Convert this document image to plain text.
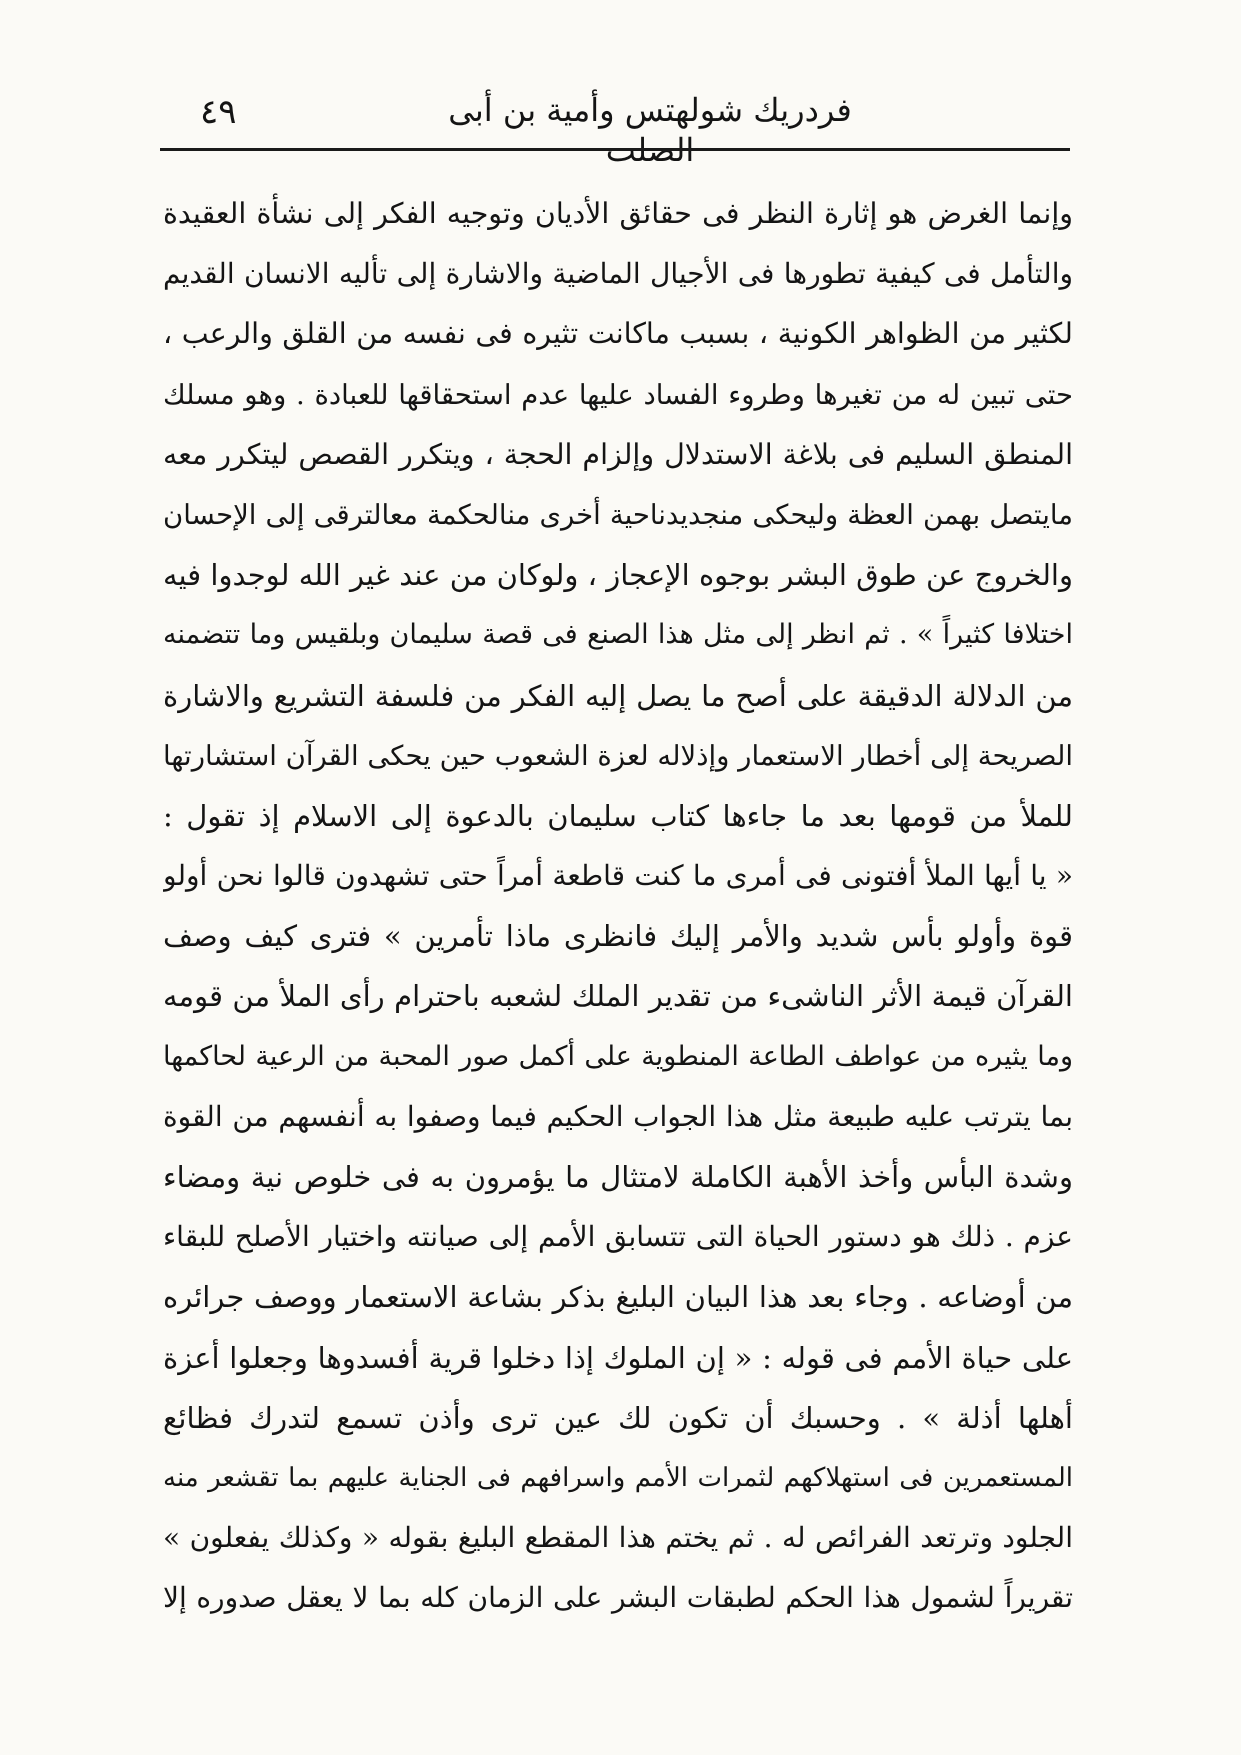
٤٩	فردريك شولهتس وأمية بن أبى الصلت
وإنما الغرض هو إثارة النظر فى حقائق الأديان وتوجيه الفكر إلى نشأة العقيدة
والتأمل فى كيفية تطورها فى الأجيال الماضية والاشارة إلى تأليه الانسان القديم
لكثير من الظواهر الكونية ، بسبب ماكانت تثيره فى نفسه من القلق والرعب ،
حتى تبين له من تغيرها وطروء الفساد عليها عدم استحقاقها للعبادة . وهو مسلك
المنطق السليم فى بلاغة الاستدلال وإلزام الحجة ، ويتكرر القصص ليتكرر معه
مايتصل بهمن العظة وليحكى منجديدناحية أخرى منالحكمة معالترقى إلى الإحسان
والخروج عن طوق البشر بوجوه الإعجاز ، ولوكان من عند غير الله لوجدوا فيه
اختلافا كثيراً » . ثم انظر إلى مثل هذا الصنع فى قصة سليمان وبلقيس وما تتضمنه
من الدلالة الدقيقة على أصح ما يصل إليه الفكر من فلسفة التشريع والاشارة
الصريحة إلى أخطار الاستعمار وإذلاله لعزة الشعوب حين يحكى القرآن استشارتها
للملأ من قومها بعد ما جاءها كتاب سليمان بالدعوة إلى الاسلام إذ تقول :
« يا أيها الملأ أفتونى فى أمرى ما كنت قاطعة أمراً حتى تشهدون قالوا نحن أولو
قوة وأولو بأس شديد والأمر إليك فانظرى ماذا تأمرين » فترى كيف وصف
القرآن قيمة الأثر الناشىء من تقدير الملك لشعبه باحترام رأى الملأ من قومه
وما يثيره من عواطف الطاعة المنطوية على أكمل صور المحبة من الرعية لحاكمها
بما يترتب عليه طبيعة مثل هذا الجواب الحكيم فيما وصفوا به أنفسهم من القوة
وشدة البأس وأخذ الأهبة الكاملة لامتثال ما يؤمرون به فى خلوص نية ومضاء
عزم . ذلك هو دستور الحياة التى تتسابق الأمم إلى صيانته واختيار الأصلح للبقاء
من أوضاعه . وجاء بعد هذا البيان البليغ بذكر بشاعة الاستعمار ووصف جرائره
على حياة الأمم فى قوله : « إن الملوك إذا دخلوا قرية أفسدوها وجعلوا أعزة
أهلها أذلة » . وحسبك أن تكون لك عين ترى وأذن تسمع لتدرك فظائع
المستعمرين فى استهلاكهم لثمرات الأمم واسرافهم فى الجناية عليهم بما تقشعر منه
الجلود وترتعد الفرائص له . ثم يختم هذا المقطع البليغ بقوله « وكذلك يفعلون »
تقريراً لشمول هذا الحكم لطبقات البشر على الزمان كله بما لا يعقل صدوره إلا
